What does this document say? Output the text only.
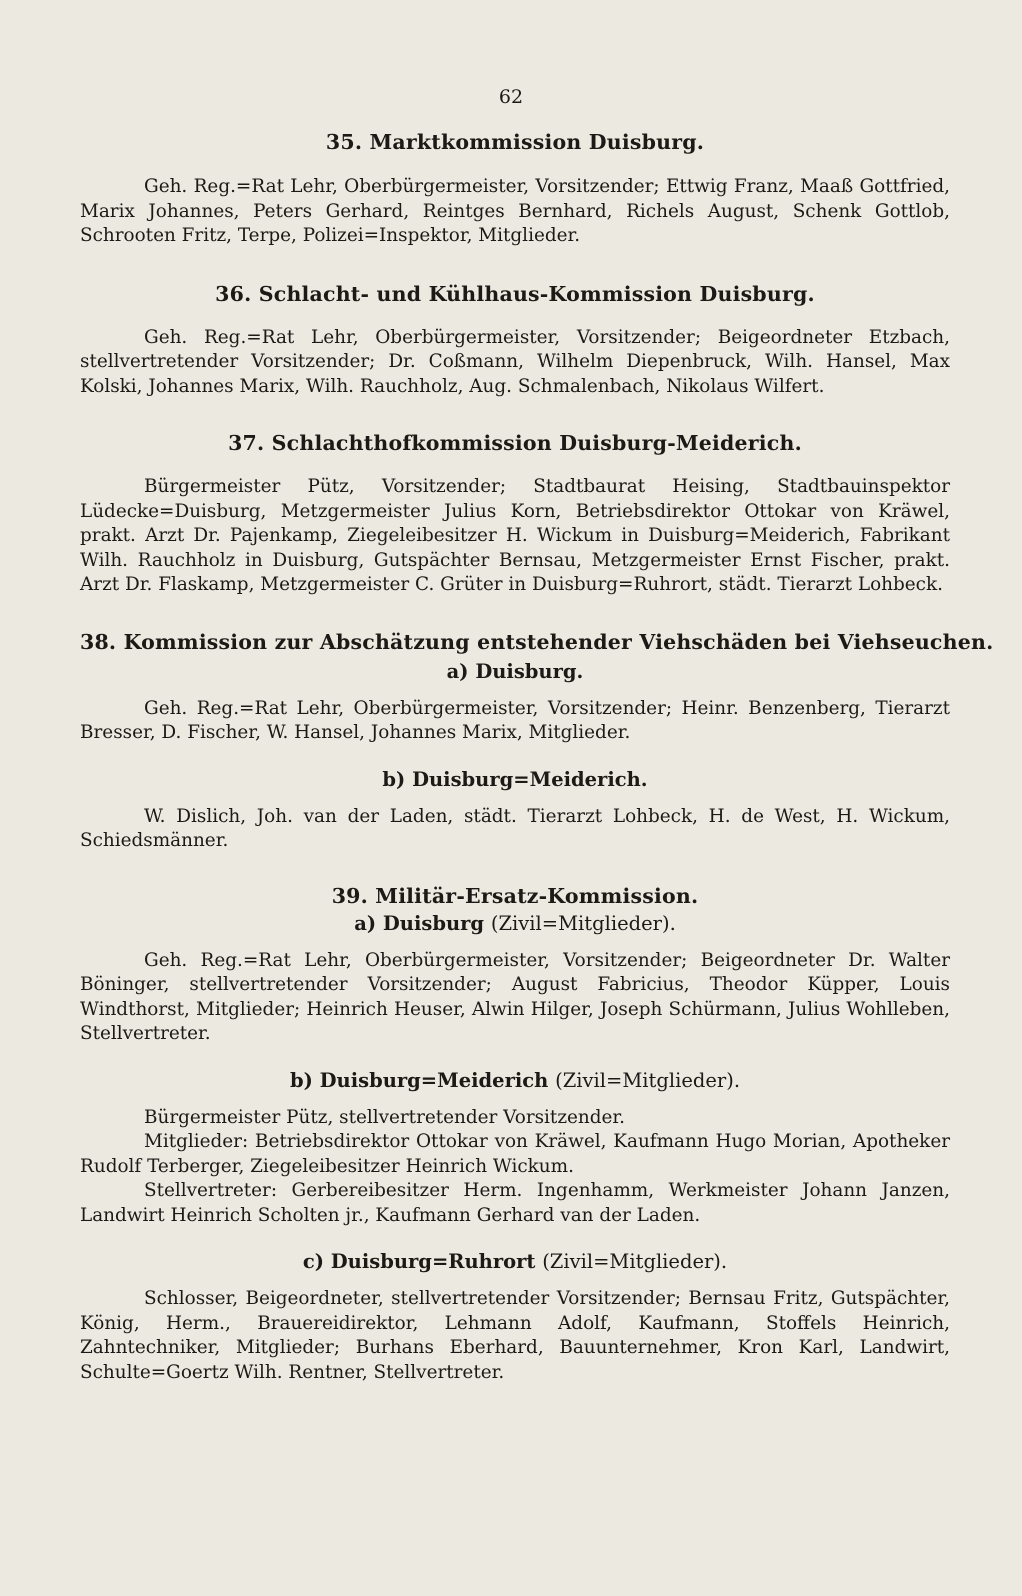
62
35. Marktkommission Duisburg.

Geh. Reg.=Rat Lehr, Oberbürgermeister, Vorsitzender; Ettwig Franz, Maaß Gottfried, Marix Johannes, Peters Gerhard, Reintges Bernhard, Richels August, Schenk Gottlob, Schrooten Fritz, Terpe, Polizei=Inspektor, Mitglieder.

36. Schlacht- und Kühlhaus-Kommission Duisburg.

Geh. Reg.=Rat Lehr, Oberbürgermeister, Vorsitzender; Beigeordneter Etzbach, stellvertretender Vorsitzender; Dr. Coßmann, Wilhelm Diepenbruck, Wilh. Hansel, Max Kolski, Johannes Marix, Wilh. Rauchholz, Aug. Schmalenbach, Nikolaus Wilfert.

37. Schlachthofkommission Duisburg-Meiderich.

Bürgermeister Pütz, Vorsitzender; Stadtbaurat Heising, Stadtbauinspektor Lüdecke=Duisburg, Metzgermeister Julius Korn, Betriebsdirektor Ottokar von Kräwel, prakt. Arzt Dr. Pajenkamp, Ziegeleibesitzer H. Wickum in Duisburg=Meiderich, Fabrikant Wilh. Rauchholz in Duisburg, Gutspächter Bernsau, Metzgermeister Ernst Fischer, prakt. Arzt Dr. Flaskamp, Metzgermeister C. Grüter in Duisburg=Ruhrort, städt. Tierarzt Lohbeck.

38. Kommission zur Abschätzung entstehender Viehschäden bei Viehseuchen.
a) Duisburg.

Geh. Reg.=Rat Lehr, Oberbürgermeister, Vorsitzender; Heinr. Benzenberg, Tierarzt Bresser, D. Fischer, W. Hansel, Johannes Marix, Mitglieder.

b) Duisburg=Meiderich.

W. Dislich, Joh. van der Laden, städt. Tierarzt Lohbeck, H. de West, H. Wickum, Schiedsmänner.

39. Militär-Ersatz-Kommission.
a) Duisburg (Zivil=Mitglieder).

Geh. Reg.=Rat Lehr, Oberbürgermeister, Vorsitzender; Beigeordneter Dr. Walter Böninger, stellvertretender Vorsitzender; August Fabricius, Theodor Küpper, Louis Windthorst, Mitglieder; Heinrich Heuser, Alwin Hilger, Joseph Schürmann, Julius Wohlleben, Stellvertreter.

b) Duisburg=Meiderich (Zivil=Mitglieder).

Bürgermeister Pütz, stellvertretender Vorsitzender.

Mitglieder: Betriebsdirektor Ottokar von Kräwel, Kaufmann Hugo Morian, Apotheker Rudolf Terberger, Ziegeleibesitzer Heinrich Wickum.

Stellvertreter: Gerbereibesitzer Herm. Ingenhamm, Werkmeister Johann Janzen, Landwirt Heinrich Scholten jr., Kaufmann Gerhard van der Laden.

c) Duisburg=Ruhrort (Zivil=Mitglieder).

Schlosser, Beigeordneter, stellvertretender Vorsitzender; Bernsau Fritz, Gutspächter, König, Herm., Brauereidirektor, Lehmann Adolf, Kaufmann, Stoffels Heinrich, Zahntechniker, Mitglieder; Burhans Eberhard, Bauunternehmer, Kron Karl, Landwirt, Schulte=Goertz Wilh. Rentner, Stellvertreter.
